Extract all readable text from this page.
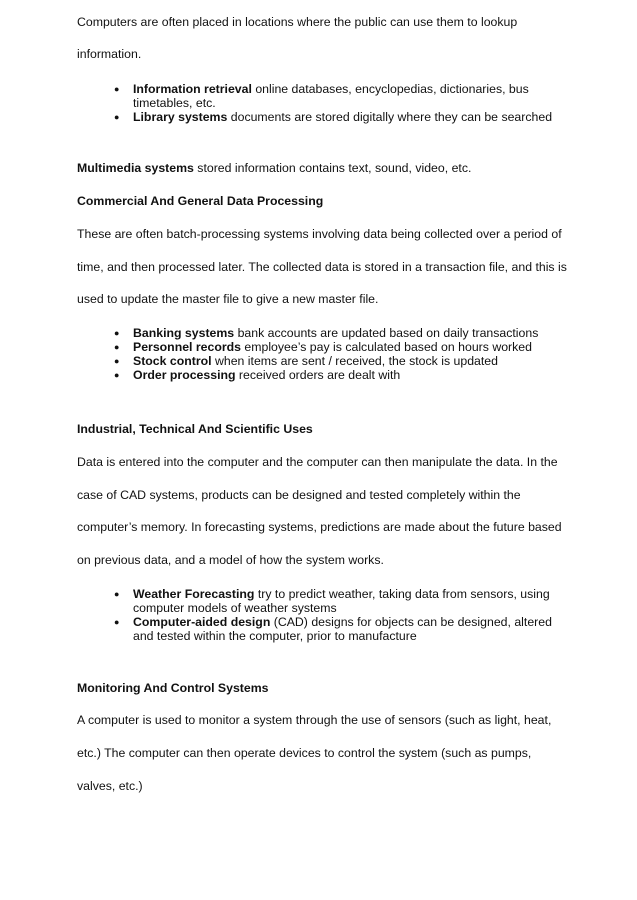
Computers are often placed in locations where the public can use them to lookup
information.
● Information retrieval online databases, encyclopedias, dictionaries, bus timetables, etc.
● Library systems documents are stored digitally where they can be searched
Multimedia systems stored information contains text, sound, video, etc.
Commercial And General Data Processing
These are often batch-processing systems involving data being collected over a period of
time, and then processed later. The collected data is stored in a transaction file, and this is
used to update the master file to give a new master file.
● Banking systems bank accounts are updated based on daily transactions
● Personnel records employee’s pay is calculated based on hours worked
● Stock control when items are sent / received, the stock is updated
● Order processing received orders are dealt with
Industrial, Technical And Scientific Uses
Data is entered into the computer and the computer can then manipulate the data. In the
case of CAD systems, products can be designed and tested completely within the
computer’s memory. In forecasting systems, predictions are made about the future based
on previous data, and a model of how the system works.
● Weather Forecasting try to predict weather, taking data from sensors, using computer models of weather systems
● Computer-aided design (CAD) designs for objects can be designed, altered and tested within the computer, prior to manufacture
Monitoring And Control Systems
A computer is used to monitor a system through the use of sensors (such as light, heat,
etc.) The computer can then operate devices to control the system (such as pumps,
valves, etc.)
